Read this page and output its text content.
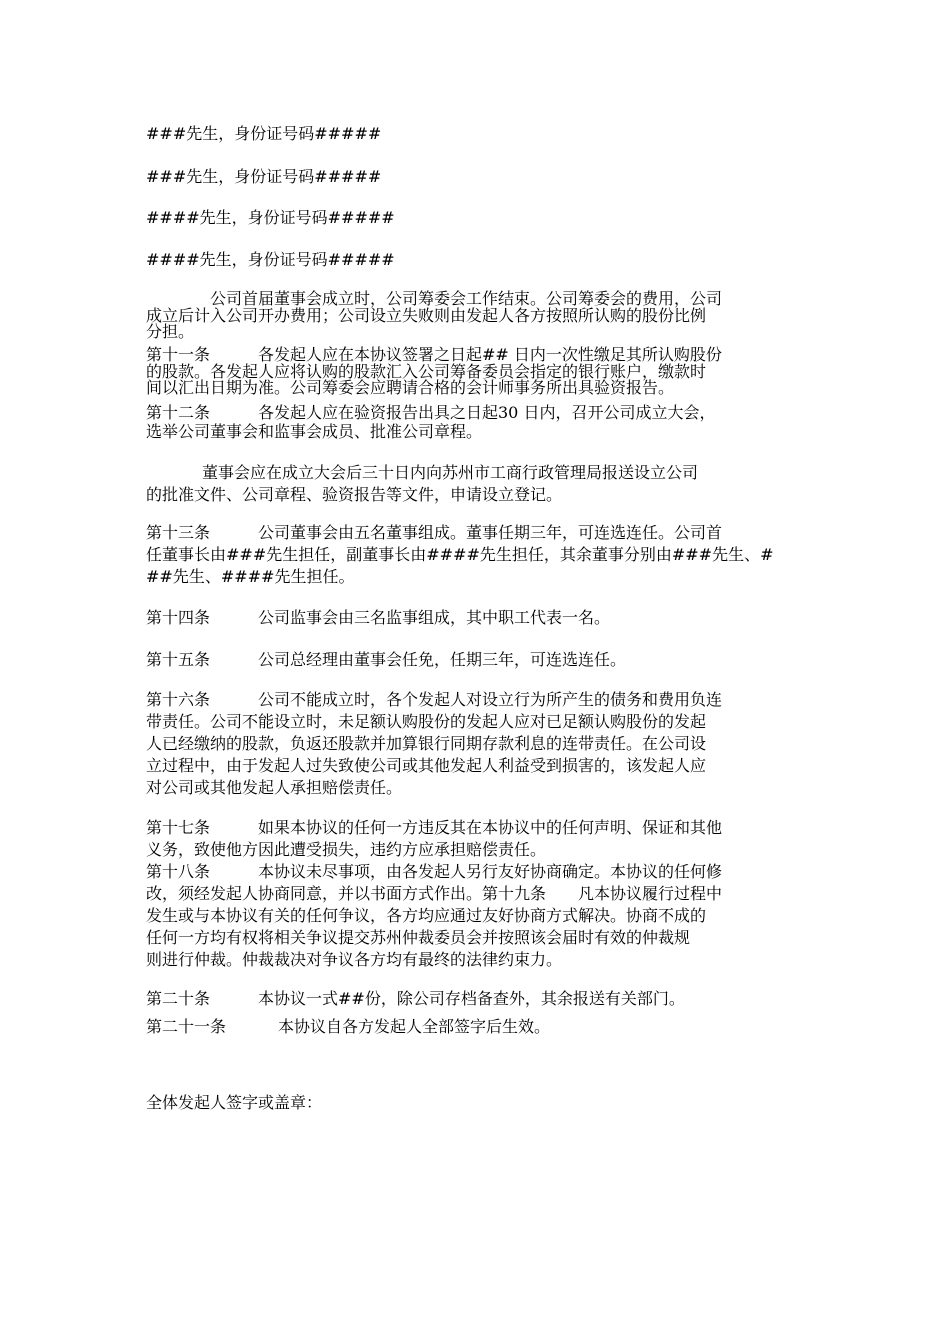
###先生，身份证号码#####
###先生，身份证号码#####
####先生，身份证号码#####
####先生，身份证号码#####
公司首届董事会成立时，公司筹委会工作结束。公司筹委会的费用，公司
成立后计入公司开办费用；公司设立失败则由发起人各方按照所认购的股份比例
分担。
第十一条	各发起人应在本协议签署之日起## 日内一次性缴足其所认购股份
的股款。各发起人应将认购的股款汇入公司筹备委员会指定的银行账户，缴款时
间以汇出日期为准。公司筹委会应聘请合格的会计师事务所出具验资报告。
第十二条	各发起人应在验资报告出具之日起30 日内，召开公司成立大会，
选举公司董事会和监事会成员、批准公司章程。
董事会应在成立大会后三十日内向苏州市工商行政管理局报送设立公司
的批准文件、公司章程、验资报告等文件，申请设立登记。
第十三条	公司董事会由五名董事组成。董事任期三年，可连选连任。公司首
任董事长由###先生担任，副董事长由####先生担任，其余董事分别由###先生、#
##先生、####先生担任。
第十四条	公司监事会由三名监事组成，其中职工代表一名。
第十五条	公司总经理由董事会任免，任期三年，可连选连任。
第十六条	公司不能成立时，各个发起人对设立行为所产生的债务和费用负连
带责任。公司不能设立时，未足额认购股份的发起人应对已足额认购股份的发起
人已经缴纳的股款，负返还股款并加算银行同期存款利息的连带责任。在公司设
立过程中，由于发起人过失致使公司或其他发起人利益受到损害的，该发起人应
对公司或其他发起人承担赔偿责任。
第十七条	如果本协议的任何一方违反其在本协议中的任何声明、保证和其他
义务，致使他方因此遭受损失，违约方应承担赔偿责任。
第十八条	本协议未尽事项，由各发起人另行友好协商确定。本协议的任何修
改，须经发起人协商同意，并以书面方式作出。第十九条　　凡本协议履行过程中
发生或与本协议有关的任何争议，各方均应通过友好协商方式解决。协商不成的
任何一方均有权将相关争议提交苏州仲裁委员会并按照该会届时有效的仲裁规
则进行仲裁。仲裁裁决对争议各方均有最终的法律约束力。
第二十条	本协议一式##份，除公司存档备查外，其余报送有关部门。
第二十一条	本协议自各方发起人全部签字后生效。
全体发起人签字或盖章：
